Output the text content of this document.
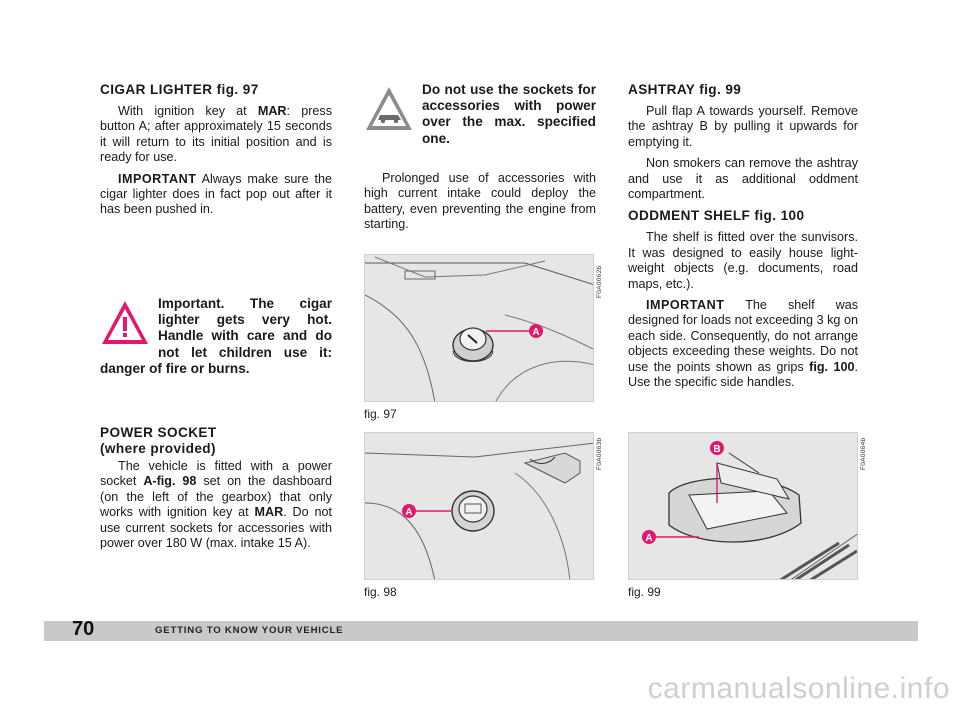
CIGAR LIGHTER fig. 97

With ignition key at MAR: press button A; after approximately 15 seconds it will return to its initial position and is ready for use.

IMPORTANT Always make sure the cigar lighter does in fact pop out after it has been pushed in.

Important. The cigar lighter gets very hot. Handle with care and do not let children use it: danger of fire or burns.
POWER SOCKET
(where provided)

The vehicle is fitted with a power socket A-fig. 98 set on the dashboard (on the left of the gearbox) that only works with ignition key at MAR. Do not use current sockets for accessories with power over 180 W (max. intake 15 A).

Do not use the sockets for accessories with power over the max. specified one.

Prolonged use of accessories with high current intake could deploy the battery, even preventing the engine from starting.

A
F0A0062b
fig. 97
A
F0A0063b
fig. 98
ASHTRAY fig. 99

Pull flap A towards yourself. Remove the ashtray B by pulling it upwards for emptying it.

Non smokers can remove the ashtray and use it as additional oddment compartment.

ODDMENT SHELF fig. 100

The shelf is fitted over the sunvisors. It was designed to easily house light-weight objects (e.g. documents, road maps, etc.).

IMPORTANT The shelf was designed for loads not exceeding 3 kg on each side. Consequently, do not arrange objects exceeding these weights. Do not use the points shown as grips fig. 100. Use the specific side handles.

B
A
F0A0064b
fig. 99
70	GETTING TO KNOW YOUR VEHICLE
carmanualsonline.info
